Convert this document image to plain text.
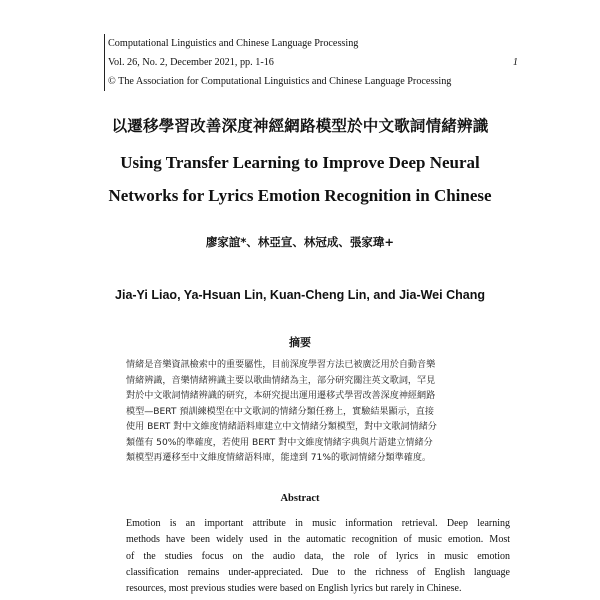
Computational Linguistics and Chinese Language Processing
Vol. 26, No. 2, December 2021, pp. 1-16
© The Association for Computational Linguistics and Chinese Language Processing
1
以遷移學習改善深度神經網路模型於中文歌詞情緒辨識
Using Transfer Learning to Improve Deep Neural
Networks for Lyrics Emotion Recognition in Chinese
廖家誼*、林亞宣、林冠成、張家瑋+
Jia-Yi Liao, Ya-Hsuan Lin, Kuan-Cheng Lin, and Jia-Wei Chang
摘要
情緒是音樂資訊檢索中的重要屬性，目前深度學習方法已被廣泛用於自動音樂
情緒辨識，音樂情緒辨識主要以歌曲情緒為主，部分研究關注英文歌詞，罕見
對於中文歌詞情緒辨識的研究，本研究提出運用遷移式學習改善深度神經網路
模型—BERT 預訓練模型在中文歌詞的情緒分類任務上，實驗結果顯示，直接
使用 BERT 對中文維度情緒語料庫建立中文情緒分類模型，對中文歌詞情緒分
類僅有 50%的準確度，若使用 BERT 對中文維度情緒字典與片語建立情緒分
類模型再遷移至中文維度情緒語料庫，能達到 71%的歌詞情緒分類準確度。
Abstract
Emotion is an important attribute in music information retrieval. Deep learning
methods have been widely used in the automatic recognition of music emotion. Most
of the studies focus on the audio data, the role of lyrics in music emotion
classification remains under-appreciated. Due to the richness of English language
resources, most previous studies were based on English lyrics but rarely in Chinese.
